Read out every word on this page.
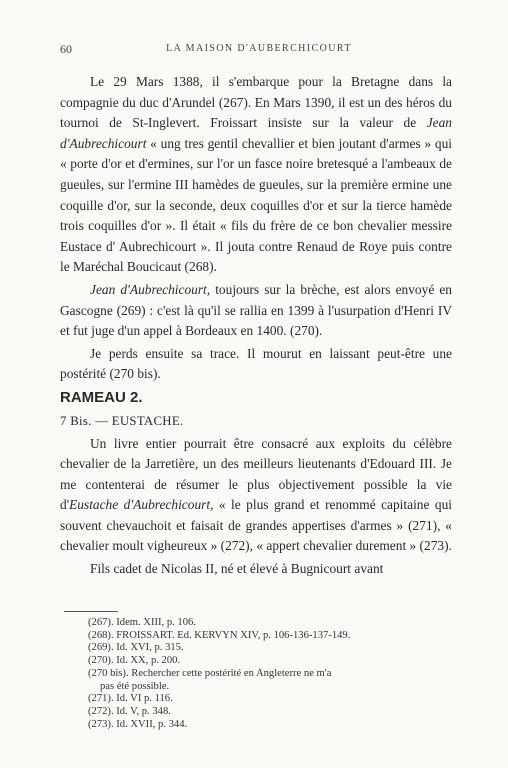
60	LA MAISON D'AUBERCHICOURT

Le 29 Mars 1388, il s'embarque pour la Bretagne dans la compagnie du duc d'Arundel (267). En Mars 1390, il est un des héros du tournoi de St-Inglevert. Froissart insiste sur la valeur de Jean d'Aubrechicourt « ung tres gentil chevallier et bien joutant d'armes » qui « porte d'or et d'ermines, sur l'or un fasce noire bretesqué a l'ambeaux de gueules, sur l'ermine III hamèdes de gueules, sur la première ermine une coquille d'or, sur la seconde, deux coquilles d'or et sur la tierce hamède trois coquilles d'or ». Il était « fils du frère de ce bon chevalier messire Eustace d' Aubrechicourt ». Il jouta contre Renaud de Roye puis contre le Maréchal Boucicaut (268).

Jean d'Aubrechicourt, toujours sur la brèche, est alors envoyé en Gascogne (269) : c'est là qu'il se rallia en 1399 à l'usurpation d'Henri IV et fut juge d'un appel à Bordeaux en 1400. (270).

Je perds ensuite sa trace. Il mourut en laissant peut-être une postérité (270 bis).

RAMEAU 2.

7 Bis. — EUSTACHE.

Un livre entier pourrait être consacré aux exploits du célèbre chevalier de la Jarretière, un des meilleurs lieutenants d'Edouard III. Je me contenterai de résumer le plus objectivement possible la vie d'Eustache d'Aubrechicourt, « le plus grand et renommé capitaine qui souvent chevauchoit et faisait de grandes appertises d'armes » (271), « chevalier moult vigheureux » (272), « appert chevalier durement » (273).

Fils cadet de Nicolas II, né et élevé à Bugnicourt avant

(267). Idem. XIII, p. 106.
(268). FROISSART. Ed. KERVYN XIV, p. 106-136-137-149.
(269). Id. XVI, p. 315.
(270). Id. XX, p. 200.
(270 bis). Rechercher cette postérité en Angleterre ne m'a
pas été possible.
(271). Id. VI p. 116.
(272). Id. V, p. 348.
(273). Id. XVII, p. 344.
